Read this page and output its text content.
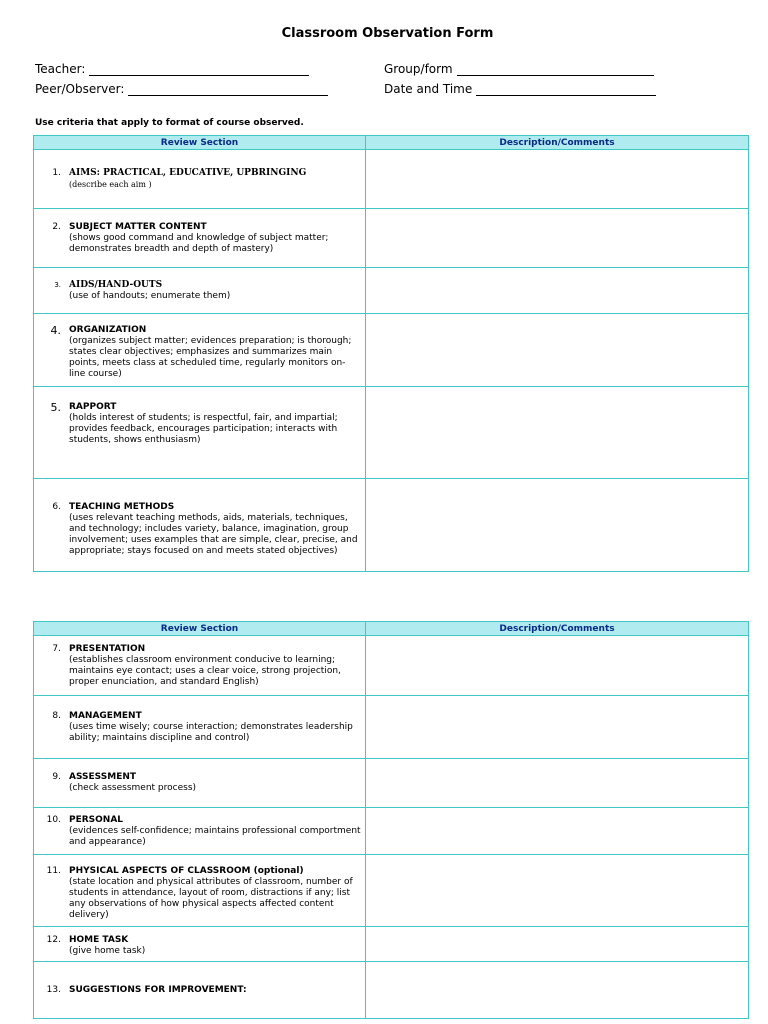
Classroom Observation Form
Teacher:
Peer/Observer:
Group/form
Date and Time
Use criteria that apply to format of course observed.
Review Section	Description/Comments

1. AIMS: PRACTICAL, EDUCATIVE, UPBRINGING
(describe each aim )	

2. SUBJECT MATTER CONTENT
(shows good command and knowledge of subject matter; demonstrates breadth and depth of mastery)	

3. AIDS/HAND-OUTS
(use of handouts; enumerate them)	

4. ORGANIZATION
(organizes subject matter; evidences preparation; is thorough; states clear objectives; emphasizes and summarizes main points, meets class at scheduled time, regularly monitors on-line course)	

5. RAPPORT
(holds interest of students; is respectful, fair, and impartial; provides feedback, encourages participation; interacts with students, shows enthusiasm)	

6. TEACHING METHODS
(uses relevant teaching methods, aids, materials, techniques, and technology; includes variety, balance, imagination, group involvement; uses examples that are simple, clear, precise, and appropriate; stays focused on and meets stated objectives)	

Review Section	Description/Comments

7. PRESENTATION
(establishes classroom environment conducive to learning; maintains eye contact; uses a clear voice, strong projection, proper enunciation, and standard English)	

8. MANAGEMENT
(uses time wisely; course interaction; demonstrates leadership ability; maintains discipline and control)	

9. ASSESSMENT
(check assessment process)	

10. PERSONAL
(evidences self-confidence; maintains professional comportment and appearance)	

11. PHYSICAL ASPECTS OF CLASSROOM (optional)
(state location and physical attributes of classroom, number of students in attendance, layout of room, distractions if any; list any observations of how physical aspects affected content delivery)	

12. HOME TASK
(give home task)	

13. SUGGESTIONS FOR IMPROVEMENT:	
